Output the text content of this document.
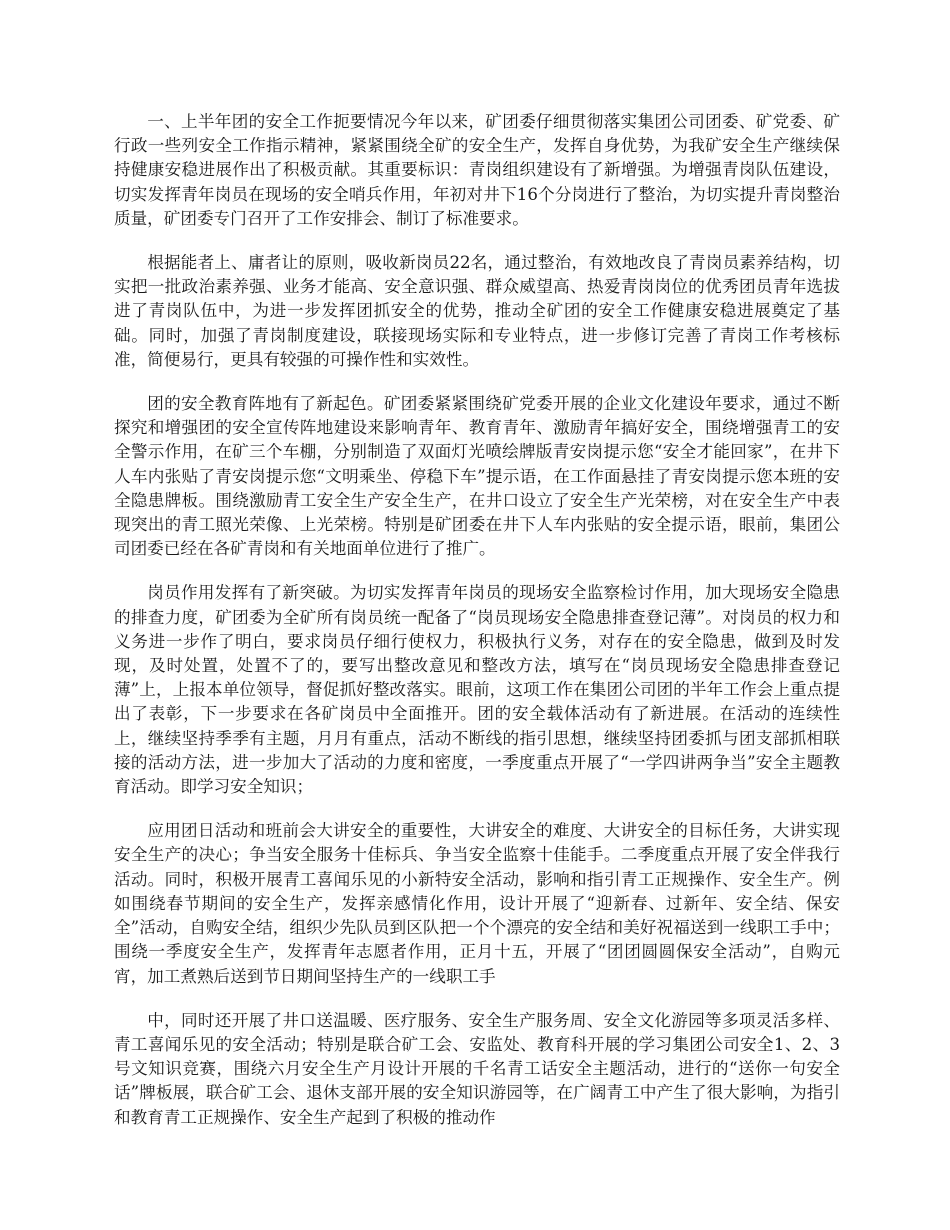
一、上半年团的安全工作扼要情况今年以来，矿团委仔细贯彻落实集团公司团委、矿党委、矿行政一些列安全工作指示精神，紧紧围绕全矿的安全生产，发挥自身优势，为我矿安全生产继续保持健康安稳进展作出了积极贡献。其重要标识：青岗组织建设有了新增强。为增强青岗队伍建设，切实发挥青年岗员在现场的安全哨兵作用，年初对井下16个分岗进行了整治，为切实提升青岗整治质量，矿团委专门召开了工作安排会、制订了标准要求。

根据能者上、庸者让的原则，吸收新岗员22名，通过整治，有效地改良了青岗员素养结构，切实把一批政治素养强、业务才能高、安全意识强、群众威望高、热爱青岗岗位的优秀团员青年选拔进了青岗队伍中，为进一步发挥团抓安全的优势，推动全矿团的安全工作健康安稳进展奠定了基础。同时，加强了青岗制度建设，联接现场实际和专业特点，进一步修订完善了青岗工作考核标准，简便易行，更具有较强的可操作性和实效性。

团的安全教育阵地有了新起色。矿团委紧紧围绕矿党委开展的企业文化建设年要求，通过不断探究和增强团的安全宣传阵地建设来影响青年、教育青年、激励青年搞好安全，围绕增强青工的安全警示作用，在矿三个车棚，分别制造了双面灯光喷绘牌版青安岗提示您“安全才能回家”，在井下人车内张贴了青安岗提示您“文明乘坐、停稳下车”提示语，在工作面悬挂了青安岗提示您本班的安全隐患牌板。围绕激励青工安全生产安全生产，在井口设立了安全生产光荣榜，对在安全生产中表现突出的青工照光荣像、上光荣榜。特别是矿团委在井下人车内张贴的安全提示语，眼前，集团公司团委已经在各矿青岗和有关地面单位进行了推广。

岗员作用发挥有了新突破。为切实发挥青年岗员的现场安全监察检讨作用，加大现场安全隐患的排查力度，矿团委为全矿所有岗员统一配备了“岗员现场安全隐患排查登记薄”。对岗员的权力和义务进一步作了明白，要求岗员仔细行使权力，积极执行义务，对存在的安全隐患，做到及时发现，及时处置，处置不了的，要写出整改意见和整改方法，填写在“岗员现场安全隐患排查登记薄”上，上报本单位领导，督促抓好整改落实。眼前，这项工作在集团公司团的半年工作会上重点提出了表彰，下一步要求在各矿岗员中全面推开。团的安全载体活动有了新进展。在活动的连续性上，继续坚持季季有主题，月月有重点，活动不断线的指引思想，继续坚持团委抓与团支部抓相联接的活动方法，进一步加大了活动的力度和密度，一季度重点开展了“一学四讲两争当”安全主题教育活动。即学习安全知识；

应用团日活动和班前会大讲安全的重要性，大讲安全的难度、大讲安全的目标任务，大讲实现安全生产的决心；争当安全服务十佳标兵、争当安全监察十佳能手。二季度重点开展了安全伴我行活动。同时，积极开展青工喜闻乐见的小新特安全活动，影响和指引青工正规操作、安全生产。例如围绕春节期间的安全生产，发挥亲感情化作用，设计开展了“迎新春、过新年、安全结、保安全”活动，自购安全结，组织少先队员到区队把一个个漂亮的安全结和美好祝福送到一线职工手中；围绕一季度安全生产，发挥青年志愿者作用，正月十五，开展了“团团圆圆保安全活动”，自购元宵，加工煮熟后送到节日期间坚持生产的一线职工手

中，同时还开展了井口送温暖、医疗服务、安全生产服务周、安全文化游园等多项灵活多样、青工喜闻乐见的安全活动；特别是联合矿工会、安监处、教育科开展的学习集团公司安全1、2、3号文知识竞赛，围绕六月安全生产月设计开展的千名青工话安全主题活动，进行的“送你一句安全话”牌板展，联合矿工会、退休支部开展的安全知识游园等，在广阔青工中产生了很大影响，为指引和教育青工正规操作、安全生产起到了积极的推动作
